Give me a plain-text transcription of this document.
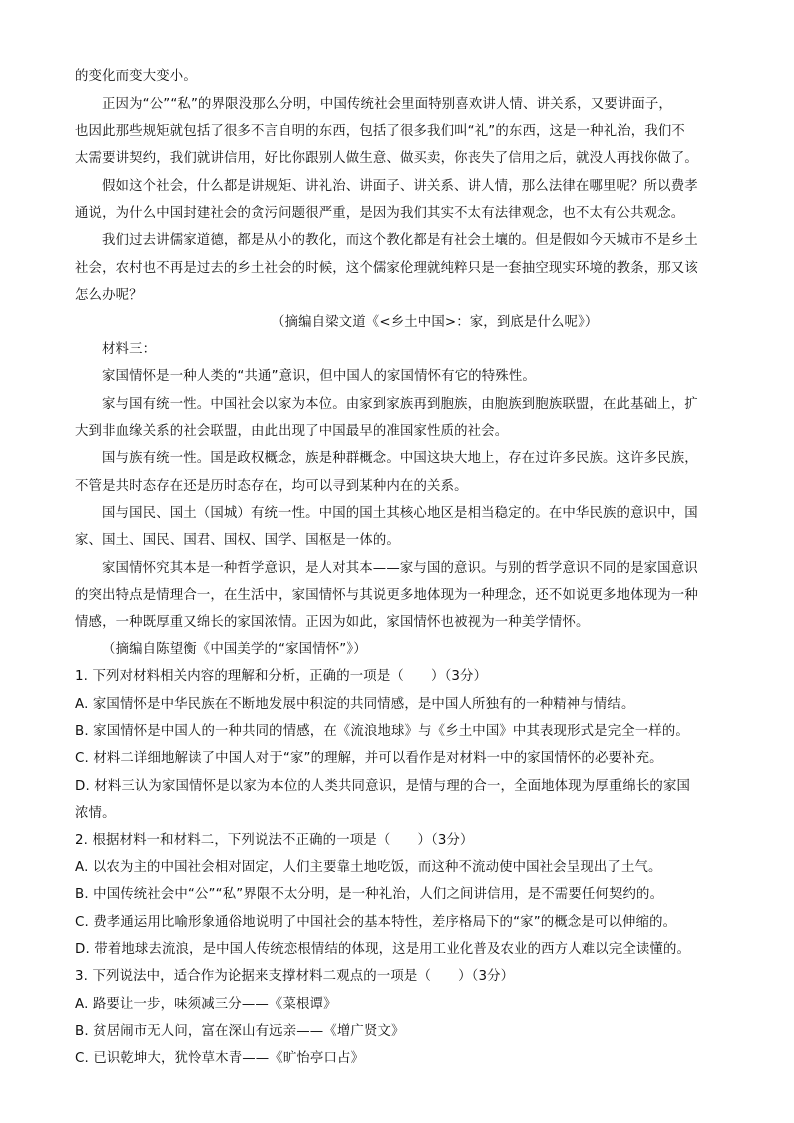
的变化而变大变小。
正因为“公”“私”的界限没那么分明，中国传统社会里面特别喜欢讲人情、讲关系，又要讲面子，
也因此那些规矩就包括了很多不言自明的东西，包括了很多我们叫“礼”的东西，这是一种礼治，我们不
太需要讲契约，我们就讲信用，好比你跟别人做生意、做买卖，你丧失了信用之后，就没人再找你做了。
假如这个社会，什么都是讲规矩、讲礼治、讲面子、讲关系、讲人情，那么法律在哪里呢？所以费孝
通说，为什么中国封建社会的贪污问题很严重，是因为我们其实不太有法律观念，也不太有公共观念。
我们过去讲儒家道德，都是从小的教化，而这个教化都是有社会土壤的。但是假如今天城市不是乡土
社会，农村也不再是过去的乡土社会的时候，这个儒家伦理就纯粹只是一套抽空现实环境的教条，那又该
怎么办呢？
（摘编自梁文道《<乡土中国>：家，到底是什么呢》）
材料三：
家国情怀是一种人类的“共通”意识，但中国人的家国情怀有它的特殊性。
家与国有统一性。中国社会以家为本位。由家到家族再到胞族，由胞族到胞族联盟，在此基础上，扩
大到非血缘关系的社会联盟，由此出现了中国最早的准国家性质的社会。
国与族有统一性。国是政权概念，族是种群概念。中国这块大地上，存在过许多民族。这许多民族，
不管是共时态存在还是历时态存在，均可以寻到某种内在的关系。
国与国民、国土（国城）有统一性。中国的国土其核心地区是相当稳定的。在中华民族的意识中，国
家、国土、国民、国君、国权、国学、国枢是一体的。
家国情怀究其本是一种哲学意识，是人对其本——家与国的意识。与别的哲学意识不同的是家国意识
的突出特点是情理合一，在生活中，家国情怀与其说更多地体现为一种理念，还不如说更多地体现为一种
情感，一种既厚重又绵长的家国浓情。正因为如此，家国情怀也被视为一种美学情怀。
（摘编自陈望衡《中国美学的“家国情怀”》）
1. 下列对材料相关内容的理解和分析，正确的一项是（　　）（3分）
A. 家国情怀是中华民族在不断地发展中积淀的共同情感，是中国人所独有的一种精神与情结。
B. 家国情怀是中国人的一种共同的情感，在《流浪地球》与《乡土中国》中其表现形式是完全一样的。
C. 材料二详细地解读了中国人对于“家”的理解，并可以看作是对材料一中的家国情怀的必要补充。
D. 材料三认为家国情怀是以家为本位的人类共同意识，是情与理的合一，全面地体现为厚重绵长的家国
浓情。
2. 根据材料一和材料二，下列说法不正确的一项是（　　）（3分）
A. 以农为主的中国社会相对固定，人们主要靠土地吃饭，而这种不流动使中国社会呈现出了土气。
B. 中国传统社会中“公”“私”界限不太分明，是一种礼治，人们之间讲信用，是不需要任何契约的。
C. 费孝通运用比喻形象通俗地说明了中国社会的基本特性，差序格局下的“家”的概念是可以伸缩的。
D. 带着地球去流浪，是中国人传统恋根情结的体现，这是用工业化普及农业的西方人难以完全读懂的。
3. 下列说法中，适合作为论据来支撑材料二观点的一项是（　　）（3分）
A. 路要让一步，味须减三分——《菜根谭》
B. 贫居闹市无人问，富在深山有远亲——《增广贤文》
C. 已识乾坤大，犹怜草木青——《旷怡亭口占》
